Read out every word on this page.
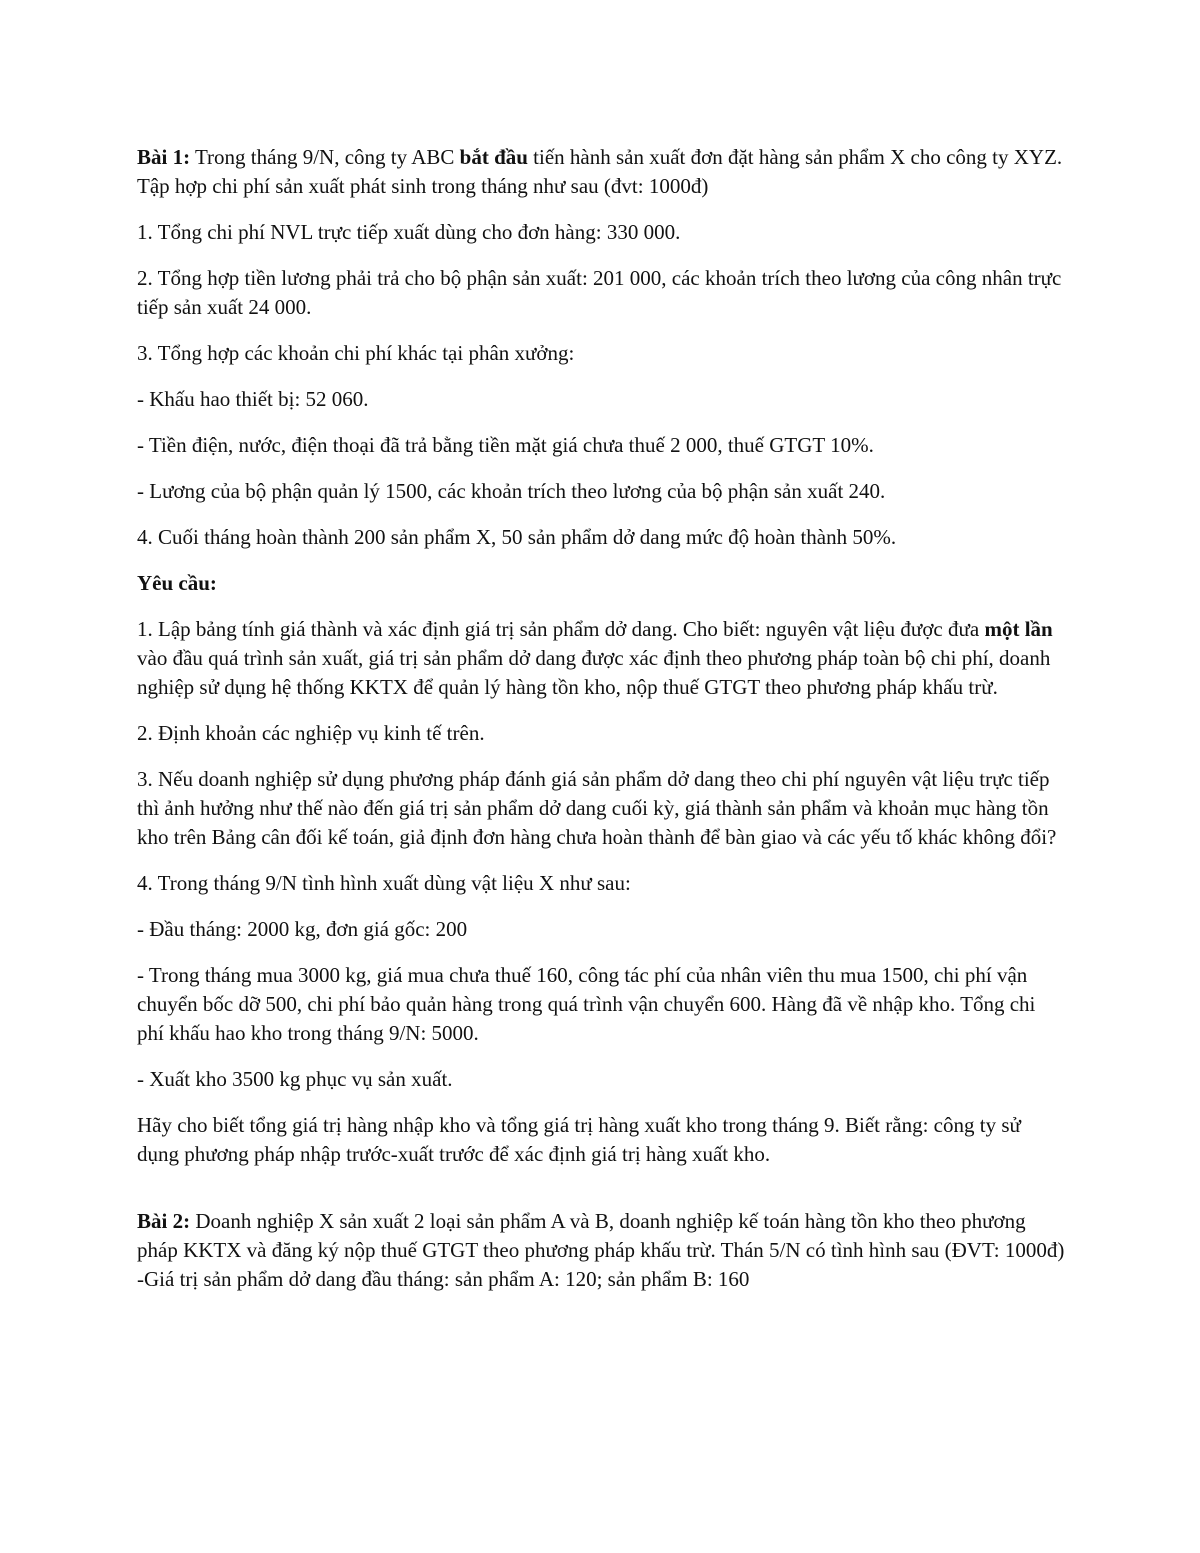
Bài 1: Trong tháng 9/N, công ty ABC bắt đầu tiến hành sản xuất đơn đặt hàng sản phẩm X cho công ty XYZ. Tập hợp chi phí sản xuất phát sinh trong tháng như sau (đvt: 1000đ)

1. Tổng chi phí NVL trực tiếp xuất dùng cho đơn hàng: 330 000.

2. Tổng hợp tiền lương phải trả cho bộ phận sản xuất: 201 000, các khoản trích theo lương của công nhân trực tiếp sản xuất 24 000.

3. Tổng hợp các khoản chi phí khác tại phân xưởng:

- Khấu hao thiết bị: 52 060.

- Tiền điện, nước, điện thoại đã trả bằng tiền mặt giá chưa thuế 2 000, thuế GTGT 10%.

- Lương của bộ phận quản lý 1500, các khoản trích theo lương của bộ phận sản xuất 240.

4. Cuối tháng hoàn thành 200 sản phẩm X, 50 sản phẩm dở dang mức độ hoàn thành 50%.

Yêu cầu:

1. Lập bảng tính giá thành và xác định giá trị sản phẩm dở dang. Cho biết: nguyên vật liệu được đưa một lần vào đầu quá trình sản xuất, giá trị sản phẩm dở dang được xác định theo phương pháp toàn bộ chi phí, doanh nghiệp sử dụng hệ thống KKTX để quản lý hàng tồn kho, nộp thuế GTGT theo phương pháp khấu trừ.

2. Định khoản các nghiệp vụ kinh tế trên.

3. Nếu doanh nghiệp sử dụng phương pháp đánh giá sản phẩm dở dang theo chi phí nguyên vật liệu trực tiếp thì ảnh hưởng như thế nào đến giá trị sản phẩm dở dang cuối kỳ, giá thành sản phẩm và khoản mục hàng tồn kho trên Bảng cân đối kế toán, giả định đơn hàng chưa hoàn thành để bàn giao và các yếu tố khác không đổi?

4. Trong tháng 9/N tình hình xuất dùng vật liệu X như sau:

- Đầu tháng: 2000 kg, đơn giá gốc: 200

- Trong tháng mua 3000 kg, giá mua chưa thuế 160, công tác phí của nhân viên thu mua 1500, chi phí vận chuyển bốc dỡ 500, chi phí bảo quản hàng trong quá trình vận chuyển 600. Hàng đã về nhập kho. Tổng chi phí khấu hao kho trong tháng 9/N: 5000.

- Xuất kho 3500 kg phục vụ sản xuất.

Hãy cho biết tổng giá trị hàng nhập kho và tổng giá trị hàng xuất kho trong tháng 9. Biết rằng: công ty sử dụng phương pháp nhập trước-xuất trước để xác định giá trị hàng xuất kho.

Bài 2: Doanh nghiệp X sản xuất 2 loại sản phẩm A và B, doanh nghiệp kế toán hàng tồn kho theo phương pháp KKTX và đăng ký nộp thuế GTGT theo phương pháp khấu trừ. Thán 5/N có tình hình sau (ĐVT: 1000đ)

-Giá trị sản phẩm dở dang đầu tháng: sản phẩm A: 120; sản phẩm B: 160
